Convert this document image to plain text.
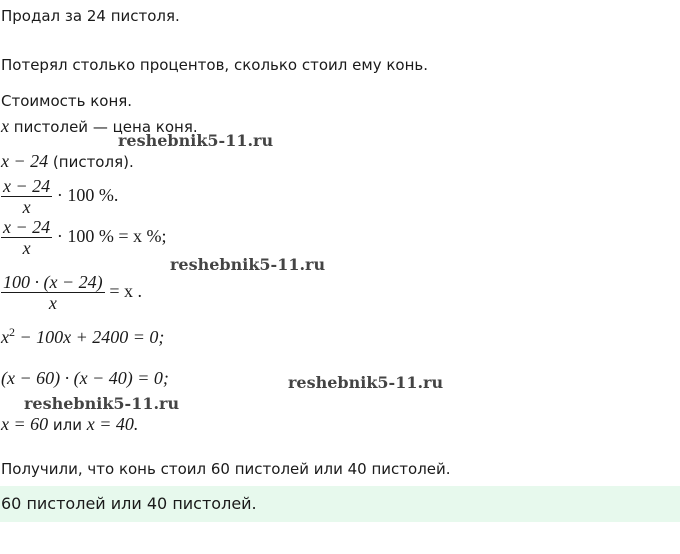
Продал за 24 пистоля.
Потерял столько процентов, сколько стоил ему конь.
Стоимость коня.
x пистолей — цена коня.
reshebnik5-11.ru
x − 24 (пистоля).
$\frac{x - 24}{x} \cdot 100$ %.
$\frac{x - 24}{x} \cdot 100$ % = x %;
reshebnik5-11.ru
$\frac{100 \cdot (x - 24)}{x} = x$ .
$x^2 - 100x + 2400 = 0$;
(x − 60) · (x − 40) = 0;	reshebnik5-11.ru
reshebnik5-11.ru
x = 60 или x = 40.
Получили, что конь стоил 60 пистолей или 40 пистолей.
60 пистолей или 40 пистолей.
